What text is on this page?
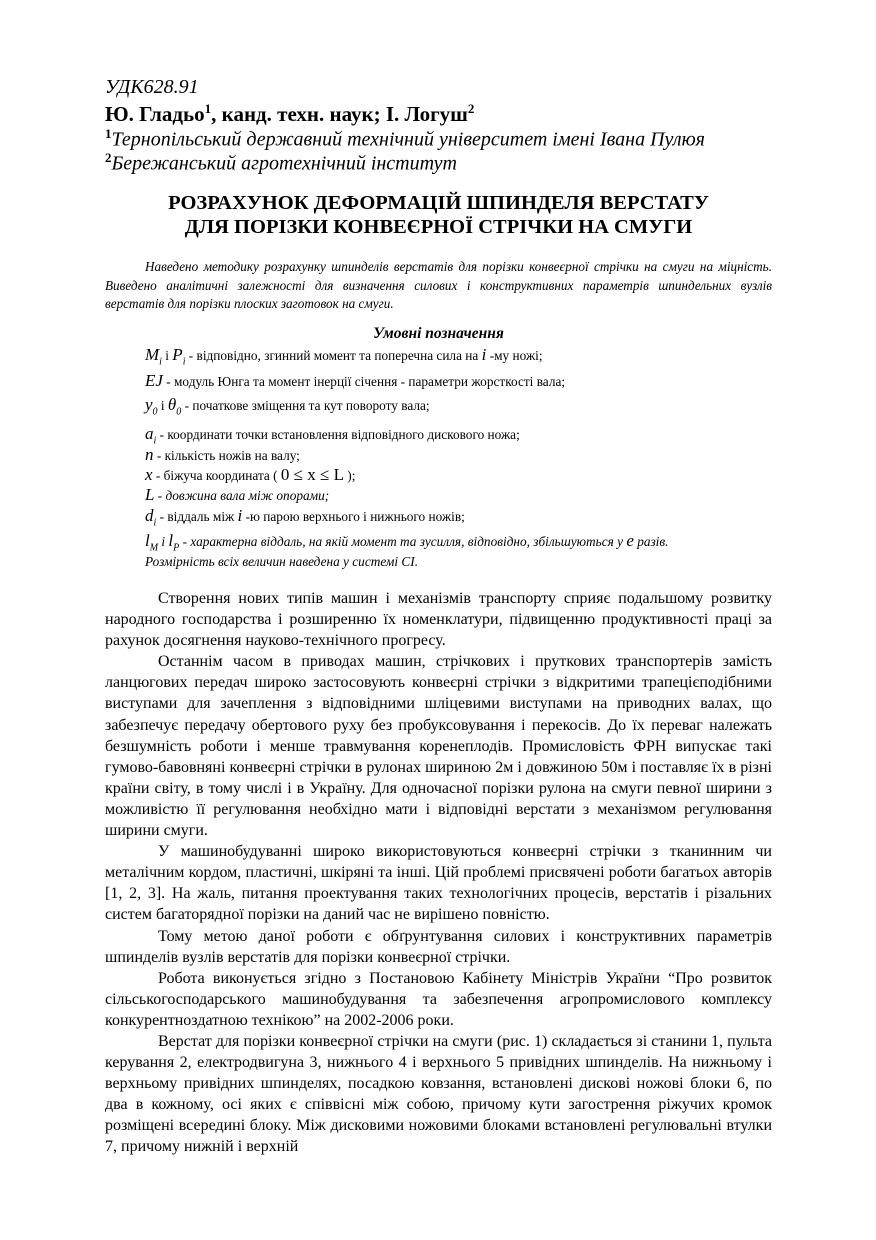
УДК628.91
Ю. Гладьо$^1$, канд. техн. наук; І. Логуш$^2$
$^1$Тернопільський державний технічний університет імені Івана Пулюя
$^2$Бережанський агротехнічний інститут
РОЗРАХУНОК ДЕФОРМАЦІЙ ШПИНДЕЛЯ ВЕРСТАТУ
ДЛЯ ПОРІЗКИ КОНВЕЄРНОЇ СТРІЧКИ НА СМУГИ
Наведено методику розрахунку шпинделів верстатів для порізки конвеєрної стрічки на смуги на міцність. Виведено аналітичні залежності для визначення силових і конструктивних параметрів шпиндельних вузлів верстатів для порізки плоских заготовок на смуги.
Умовні позначення
$M_i$ і $P_i$ - відповідно, згинний момент та поперечна сила на i -му ножі;
EJ - модуль Юнга та момент інерції січення - параметри жорсткості вала;
$y_0$ і $\theta_0$ - початкове зміщення та кут повороту вала;
$a_i$ - координати точки встановлення відповідного дискового ножа;
n - кількість ножів на валу;
x - біжуча координата ( 0 ≤ x ≤ L );
L - довжина вала між опорами;
$d_i$ - віддаль між i -ю парою верхнього і нижнього ножів;
$l_M$ і $l_P$ - характерна віддаль, на якій момент та зусилля, відповідно, збільшуються у e разів.
Розмірність всіх величин наведена у системі СІ.

Створення нових типів машин і механізмів транспорту сприяє подальшому розвитку народного господарства і розширенню їх номенклатури, підвищенню продуктивності праці за рахунок досягнення науково-технічного прогресу.

Останнім часом в приводах машин, стрічкових і пруткових транспортерів замість ланцюгових передач широко застосовують конвеєрні стрічки з відкритими трапецієподібними виступами для зачеплення з відповідними шліцевими виступами на приводних валах, що забезпечує передачу обертового руху без пробуксовування і перекосів. До їх переваг належать безшумність роботи і менше травмування коренеплодів. Промисловість ФРН випускає такі гумово-бавовняні конвеєрні стрічки в рулонах шириною 2м і довжиною 50м і поставляє їх в різні країни світу, в тому числі і в Україну. Для одночасної порізки рулона на смуги певної ширини з можливістю її регулювання необхідно мати і відповідні верстати з механізмом регулювання ширини смуги.

У машинобудуванні широко використовуються конвеєрні стрічки з тканинним чи металічним кордом, пластичні, шкіряні та інші. Цій проблемі присвячені роботи багатьох авторів [1, 2, 3]. На жаль, питання проектування таких технологічних процесів, верстатів і різальних систем багаторядної порізки на даний час не вирішено повністю.

Тому метою даної роботи є обґрунтування силових і конструктивних параметрів шпинделів вузлів верстатів для порізки конвеєрної стрічки.

Робота виконується згідно з Постановою Кабінету Міністрів України “Про розвиток сільськогосподарського машинобудування та забезпечення агропромислового комплексу конкурентноздатною технікою” на 2002-2006 роки.

Верстат для порізки конвеєрної стрічки на смуги (рис. 1) складається зі станини 1, пульта керування 2, електродвигуна 3, нижнього 4 і верхнього 5 привідних шпинделів. На нижньому і верхньому привідних шпинделях, посадкою ковзання, встановлені дискові ножові блоки 6, по два в кожному, осі яких є співвісні між собою, причому кути загострення ріжучих кромок розміщені всередині блоку. Між дисковими ножовими блоками встановлені регулювальні втулки 7, причому нижній і верхній
